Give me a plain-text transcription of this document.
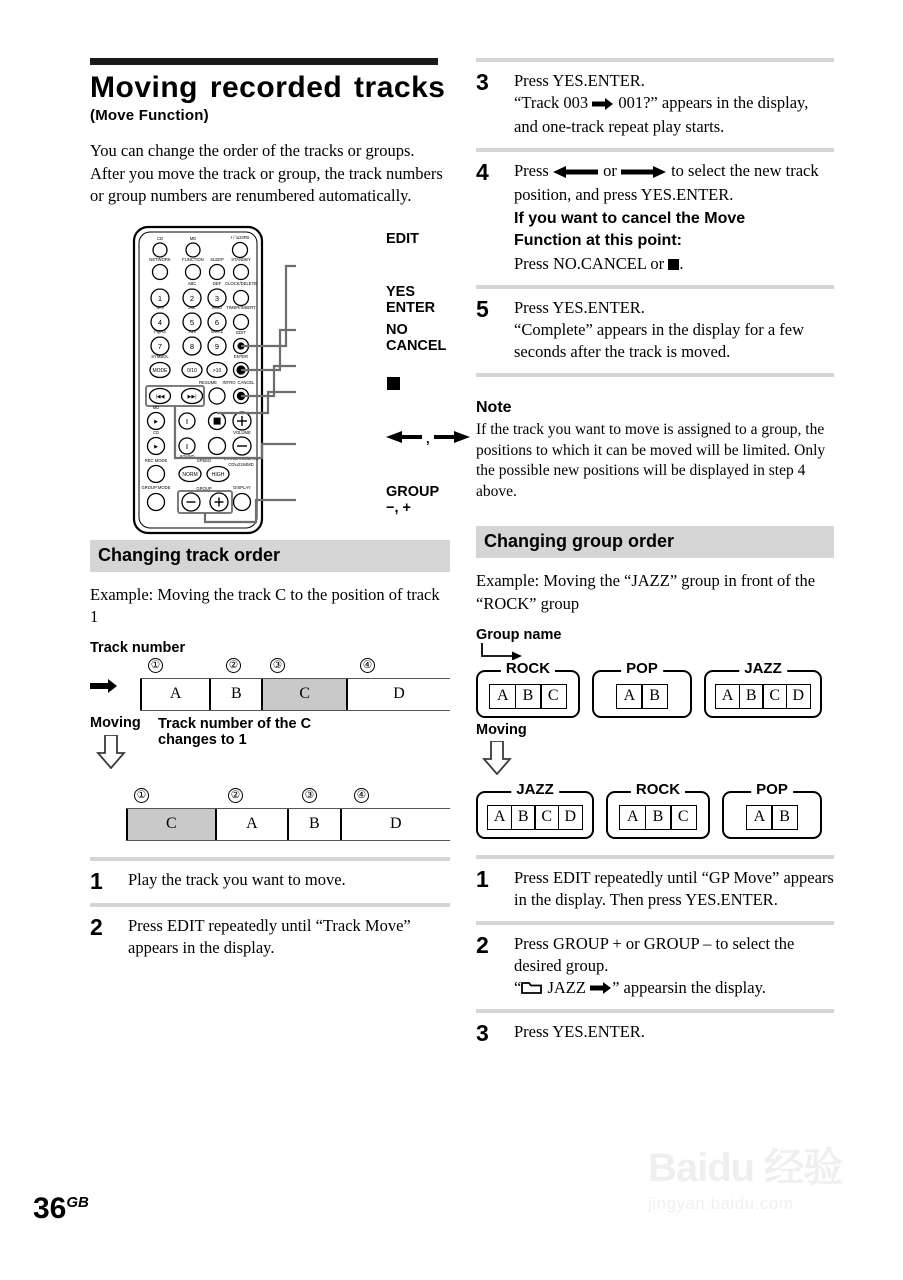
Moving recorded tracks
(Move Function)

You can change the order of the tracks or groups.

After you move the track or group, the track numbers or group numbers are renumbered automatically.

CD	MD	I / \u23FB
NETWORK	FUNCTION SLEEP STANDBY
ABC	DEF CLOCK/DELETE
GHI	JKL	MNO TIMER/INSERT
PQRS	TUV	WXYZ	EDIT
SYMBOL	ENTER
RESUME INTRO CANCEL
MD
CD
SOUND
VOLUME
REC MODE	SPEED	STANDARD/BASS
CD\u2194MD
GROUP MODE	GROUP	DISPLAY
1	2	3
4	5	6
7	8	9
MODE	0/10	>10
|◀◀	▶▶|
NORM	HIGH
▶
▶
||
||
EDIT
YES
ENTER
NO
CANCEL
,
GROUP −, +
Changing track order

Example: Moving the track C to the position of track 1

Track number
①	②	③	④
A	B	C	D
Moving	Track number of the C
changes to 1
①	②	③	④
C	A	B	D
1	Play the track you want to move.
2	Press EDIT repeatedly until “Track Move” appears in the display.
3	Press YES.ENTER.

“Track 003  001?” appears in the display, and one-track repeat play starts.

4	Press	or	to select the new track position, and press YES.ENTER.

If you want to cancel the Move
Function at this point:

Press NO.CANCEL or .

5	Press YES.ENTER.

“Complete” appears in the display for a few seconds after the track is moved.

Note
If the track you want to move is assigned to a group, the positions to which it can be moved will be limited. Only the possible new positions will be displayed in step 4 above.
Changing group order

Example: Moving the “JAZZ” group in front of the “ROCK” group

Group name
ROCK
A B C
POP
A B
JAZZ
A B C D
Moving
JAZZ
A B C D
ROCK
A B C
POP
A B
1	Press EDIT repeatedly until “GP Move” appears in the display. Then press YES.ENTER.
2	Press GROUP + or GROUP – to select the desired group.

“ JAZZ ” appearsin the display.

3	Press YES.ENTER.
$36^{GB}$
Baidu 经验
jingyan.baidu.com
